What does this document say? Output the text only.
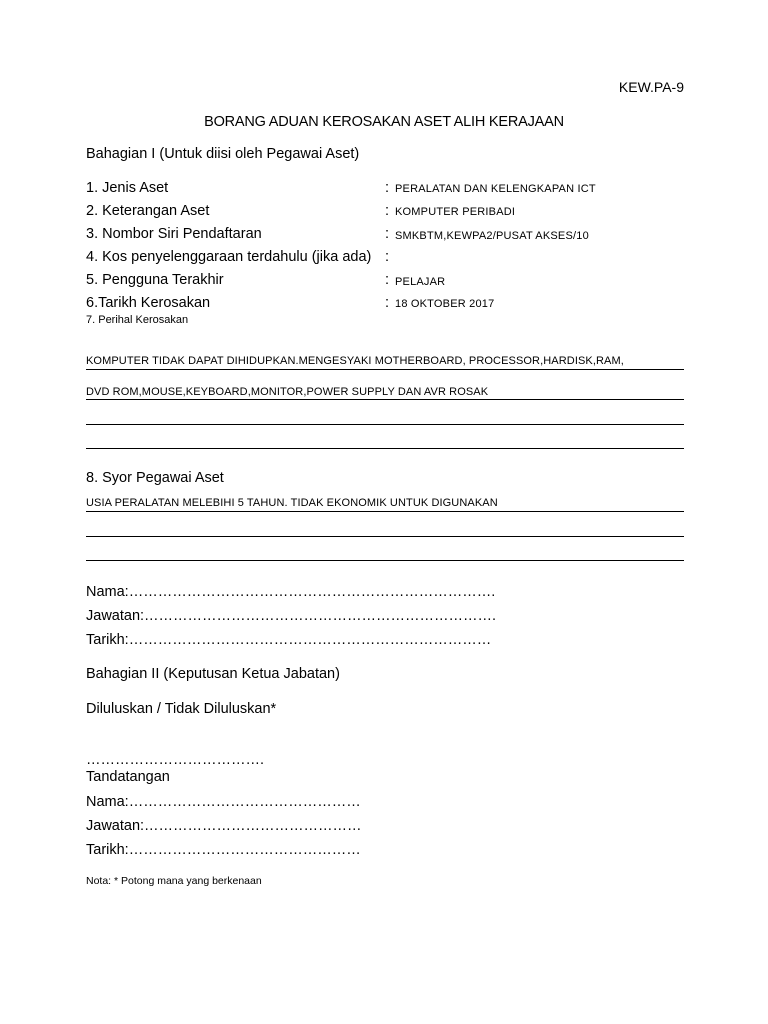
KEW.PA-9
BORANG ADUAN KEROSAKAN ASET ALIH KERAJAAN
Bahagian I (Untuk diisi oleh Pegawai Aset)
1. Jenis Aset	: PERALATAN DAN KELENGKAPAN ICT
2. Keterangan Aset	: KOMPUTER PERIBADI
3. Nombor Siri Pendaftaran	: SMKBTM,KEWPA2/PUSAT AKSES/10
4. Kos penyelenggaraan terdahulu (jika ada) :
5. Pengguna Terakhir	: PELAJAR
6.Tarikh Kerosakan	: 18 OKTOBER 2017
7. Perihal Kerosakan
KOMPUTER TIDAK DAPAT DIHIDUPKAN.MENGESYAKI MOTHERBOARD, PROCESSOR,HARDISK,RAM,
DVD ROM,MOUSE,KEYBOARD,MONITOR,POWER SUPPLY DAN AVR ROSAK
8. Syor Pegawai Aset
USIA PERALATAN MELEBIHI 5 TAHUN. TIDAK EKONOMIK UNTUK DIGUNAKAN
Nama:………………………………………………………………….
Jawatan:……………………………………………………………….
Tarikh:…………………………………………………………………
Bahagian II (Keputusan Ketua Jabatan)
Diluluskan / Tidak Diluluskan*
……………………………….
Tandatangan
Nama:…………………………………………
Jawatan:………………………………………
Tarikh:…………………………………………
Nota: * Potong mana yang berkenaan
